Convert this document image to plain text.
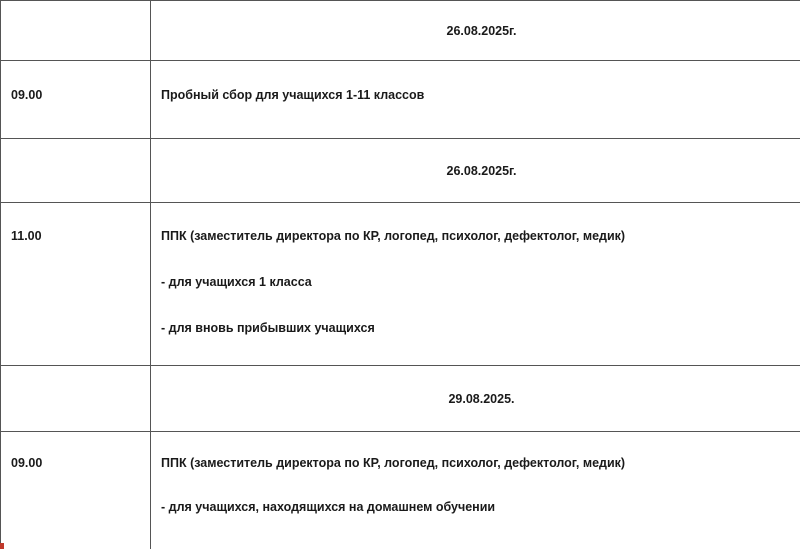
	26.08.2025г.

09.00	Пробный сбор для учащихся 1-11 классов

	26.08.2025г.

11.00	ППК (заместитель директора по КР, логопед, психолог, дефектолог, медик)
- для учащихся 1 класса
- для вновь прибывших учащихся

	29.08.2025.

09.00	ППК (заместитель директора по КР, логопед, психолог, дефектолог, медик)
- для учащихся, находящихся на домашнем обучении
